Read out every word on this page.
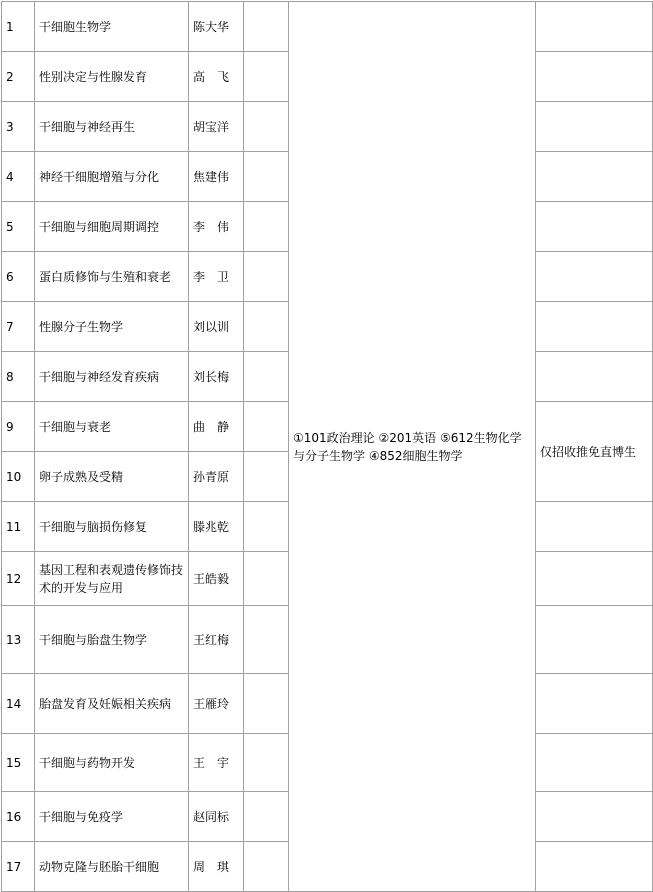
1	干细胞生物学	陈大华		①101政治理论 ②201英语 ⑤612生物化学与分子生物学 ④852细胞生物学	
2	性别决定与性腺发育	高　飞			
3	干细胞与神经再生	胡宝洋			
4	神经干细胞增殖与分化	焦建伟			
5	干细胞与细胞周期调控	李　伟			
6	蛋白质修饰与生殖和衰老	李　卫			
7	性腺分子生物学	刘以训			
8	干细胞与神经发育疾病	刘长梅			
9	干细胞与衰老	曲　静			仅招收推免直博生
10	卵子成熟及受精	孙青原			
11	干细胞与脑损伤修复	滕兆乾			
12	基因工程和表观遗传修饰技术的开发与应用	王皓毅			
13	干细胞与胎盘生物学	王红梅			
14	胎盘发育及妊娠相关疾病	王雁玲			
15	干细胞与药物开发	王　宇			
16	干细胞与免疫学	赵同标			
17	动物克隆与胚胎干细胞	周　琪			
